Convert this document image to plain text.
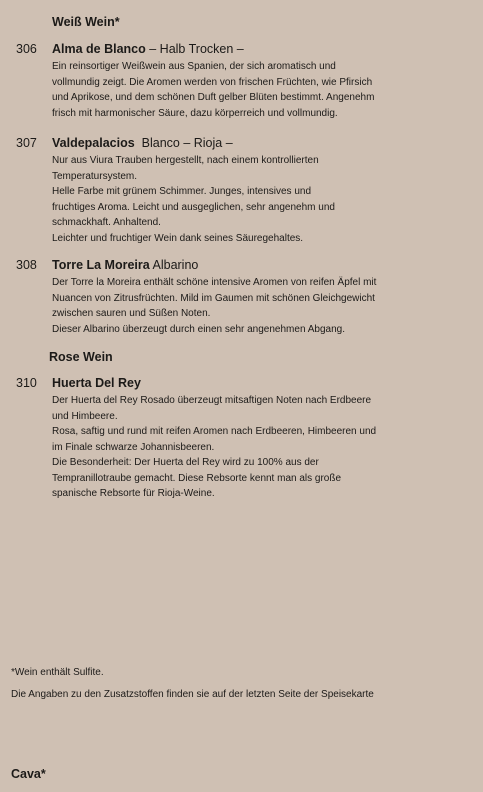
Weiß Wein*
306 Alma de Blanco – Halb Trocken –
Ein reinsortiger Weißwein aus Spanien, der sich aromatisch und
vollmundig zeigt. Die Aromen werden von frischen Früchten, wie Pfirsich
und Aprikose, und dem schönen Duft gelber Blüten bestimmt. Angenehm
frisch mit harmonischer Säure, dazu körperreich und vollmundig.
307 Valdepalacios  Blanco – Rioja –
Nur aus Viura Trauben hergestellt, nach einem kontrollierten
Temperatursystem.
Helle Farbe mit grünem Schimmer. Junges, intensives und
fruchtiges Aroma. Leicht und ausgeglichen, sehr angenehm und
schmackhaft. Anhaltend.
Leichter und fruchtiger Wein dank seines Säuregehaltes.
308 Torre La Moreira Albarino
Der Torre la Moreira enthält schöne intensive Aromen von reifen Äpfel mit
Nuancen von Zitrusfrüchten. Mild im Gaumen mit schönen Gleichgewicht
zwischen sauren und Süßen Noten.
Dieser Albarino überzeugt durch einen sehr angenehmen Abgang.
Rose Wein
310 Huerta Del Rey
Der Huerta del Rey Rosado überzeugt mitsaftigen Noten nach Erdbeere
und Himbeere.
Rosa, saftig und rund mit reifen Aromen nach Erdbeeren, Himbeeren und
im Finale schwarze Johannisbeeren.
Die Besonderheit: Der Huerta del Rey wird zu 100% aus der
Tempranillotraube gemacht. Diese Rebsorte kennt man als große
spanische Rebsorte für Rioja-Weine.
*Wein enthält Sulfite.
Die Angaben zu den Zusatzstoffen finden sie auf der letzten Seite der Speisekarte
Cava*
